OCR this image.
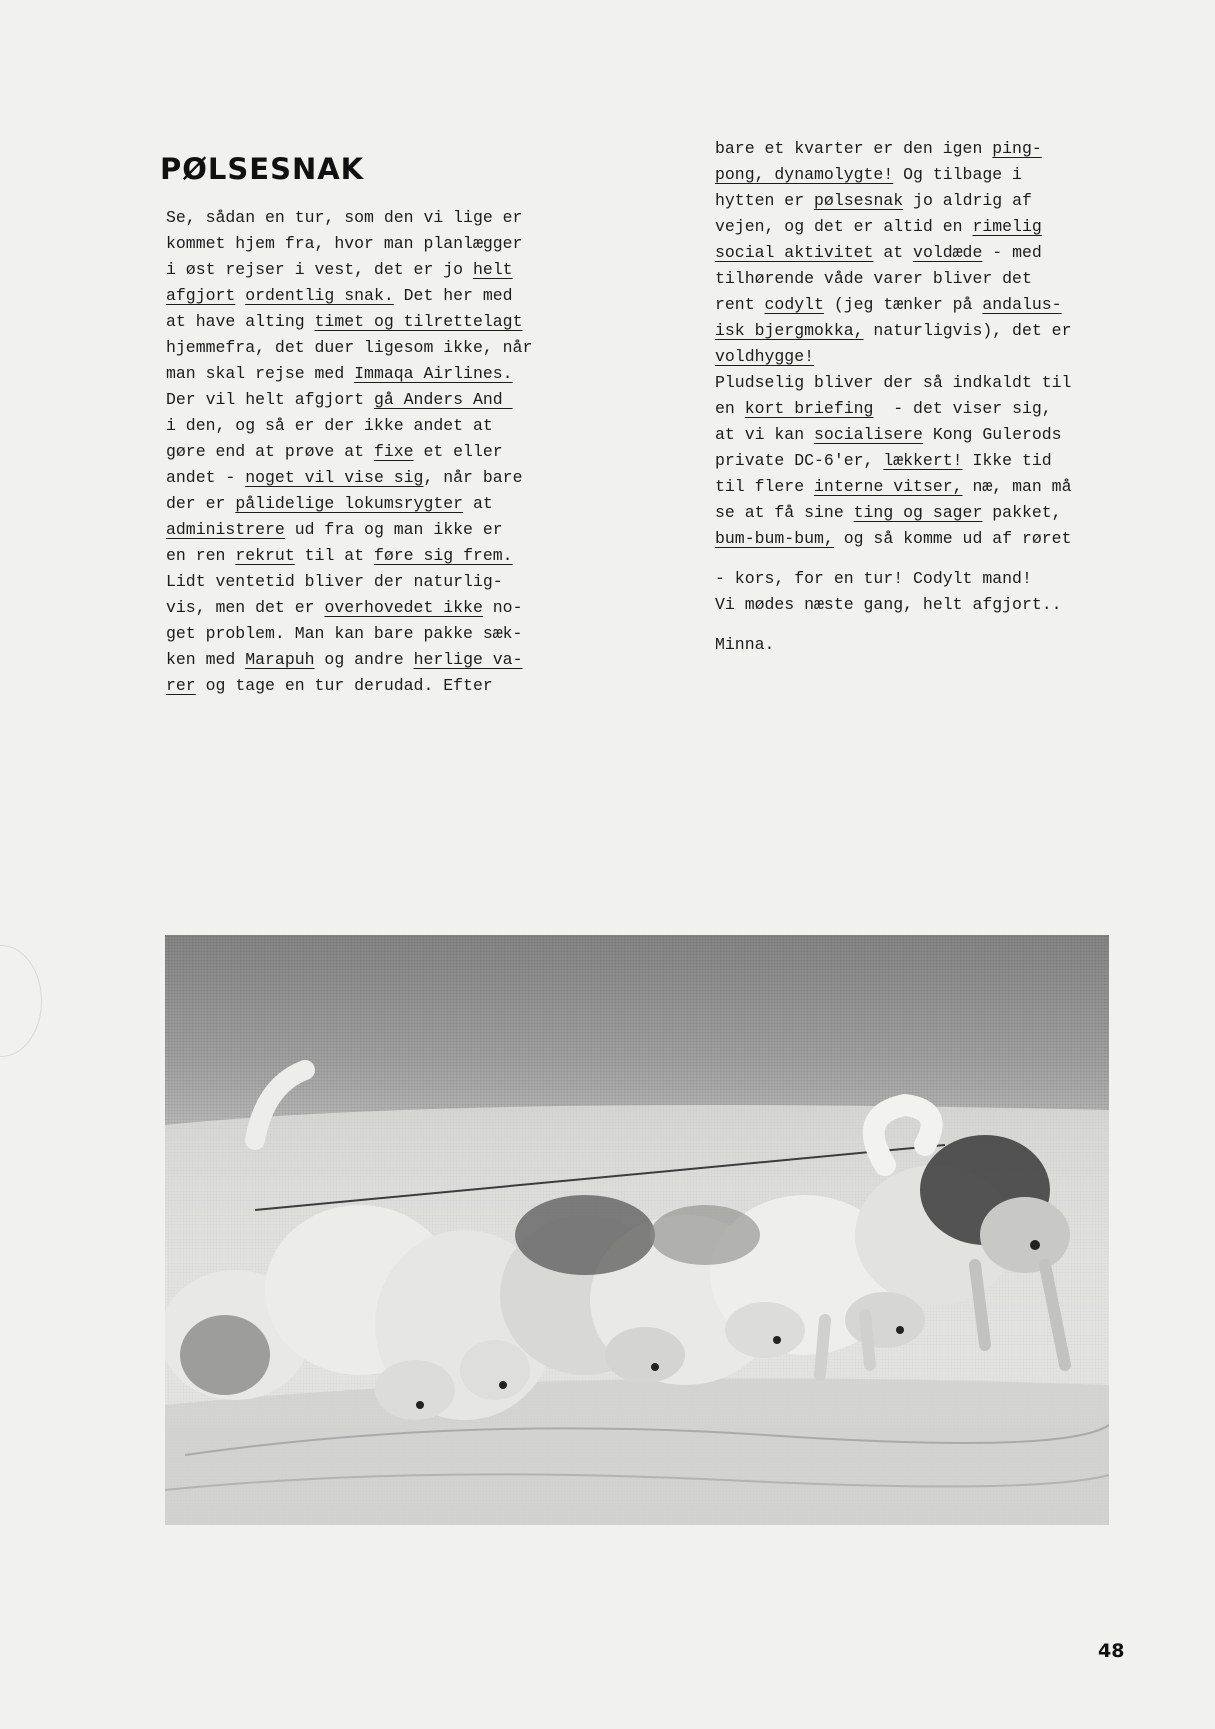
PØLSESNAK
Se, sådan en tur, som den vi lige er
kommet hjem fra, hvor man planlægger
i øst rejser i vest, det er jo helt
afgjort ordentlig snak. Det her med
at have alting timet og tilrettelagt
hjemmefra, det duer ligesom ikke, når
man skal rejse med Immaqa Airlines.
Der vil helt afgjort gå Anders And
i den, og så er der ikke andet at
gøre end at prøve at fixe et eller
andet - noget vil vise sig, når bare
der er pålidelige lokumsrygter at
administrere ud fra og man ikke er
en ren rekrut til at føre sig frem.
Lidt ventetid bliver der naturlig-
vis, men det er overhovedet ikke no-
get problem. Man kan bare pakke sæk-
ken med Marapuh og andre herlige va-
rer og tage en tur derudad. Efter
bare et kvarter er den igen ping-
pong, dynamolygte! Og tilbage i
hytten er pølsesnak jo aldrig af
vejen, og det er altid en rimelig
social aktivitet at voldæde - med
tilhørende våde varer bliver det
rent codylt (jeg tænker på andalus-
isk bjergmokka, naturligvis), det er
voldhygge!
Pludselig bliver der så indkaldt til
en kort briefing  - det viser sig,
at vi kan socialisere Kong Gulerods
private DC-6'er, lækkert! Ikke tid
til flere interne vitser, næ, man må
se at få sine ting og sager pakket,
bum-bum-bum, og så komme ud af røret
- kors, for en tur! Codylt mand!
Vi mødes næste gang, helt afgjort..
Minna.
48
